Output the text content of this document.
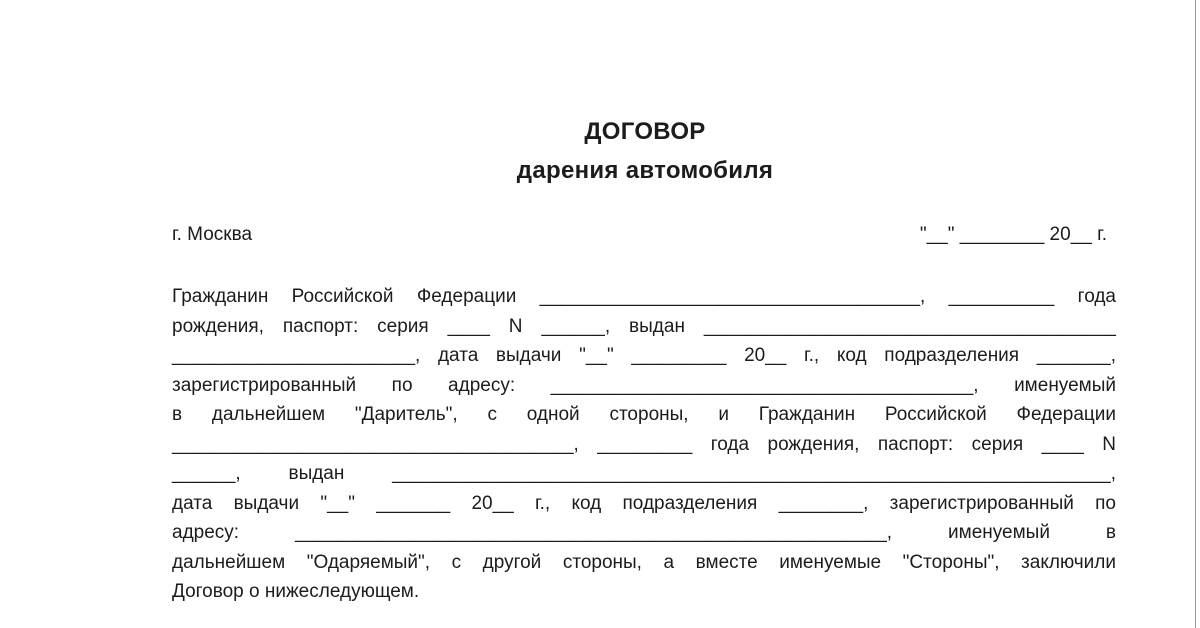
ДОГОВОР
дарения автомобиля
г. Москва	"__" ________ 20__ г.
Гражданин Российской Федерации ____________________________________, __________ года
рождения, паспорт: серия ____ N ______, выдан _______________________________________
_______________________, дата выдачи "__" _________ 20__ г., код подразделения _______,
зарегистрированный по адресу: ________________________________________, именуемый
в дальнейшем "Даритель", с одной стороны, и Гражданин Российской Федерации
______________________________________, _________ года рождения, паспорт: серия ____ N
______, выдан ____________________________________________________________________,
дата выдачи "__" _______ 20__ г., код подразделения ________, зарегистрированный по
адресу: ________________________________________________________, именуемый в
дальнейшем "Одаряемый", с другой стороны, а вместе именуемые "Стороны", заключили
Договор о нижеследующем.
